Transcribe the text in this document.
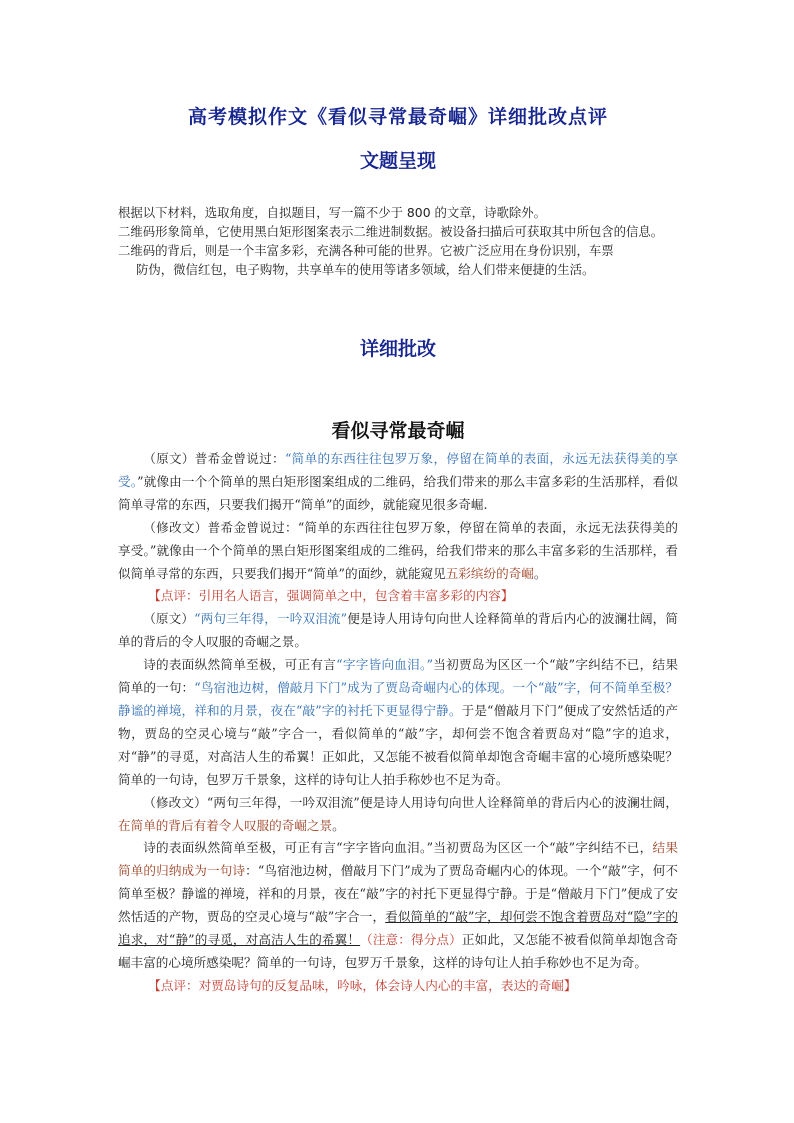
高考模拟作文《看似寻常最奇崛》详细批改点评
文题呈现

根据以下材料，选取角度，自拟题目，写一篇不少于 800 的文章，诗歌除外。

二维码形象简单，它使用黑白矩形图案表示二维进制数据。被设备扫描后可获取其中所包含的信息。

二维码的背后，则是一个丰富多彩，充满各种可能的世界。它被广泛应用在身份识别，车票

防伪，微信红包，电子购物，共享单车的使用等诸多领域，给人们带来便捷的生活。

详细批改
看似寻常最奇崛

（原文）普希金曾说过：“简单的东西往往包罗万象，停留在简单的表面，永远无法获得美的享受。”就像由一个个简单的黑白矩形图案组成的二维码，给我们带来的那么丰富多彩的生活那样，看似简单寻常的东西，只要我们揭开“简单”的面纱，就能窥见很多奇崛.

（修改文）普希金曾说过：“简单的东西往往包罗万象，停留在简单的表面，永远无法获得美的享受。”就像由一个个简单的黑白矩形图案组成的二维码，给我们带来的那么丰富多彩的生活那样，看似简单寻常的东西，只要我们揭开“简单”的面纱，就能窥见五彩缤纷的奇崛。

【点评：引用名人语言，强调简单之中，包含着丰富多彩的内容】

（原文）“两句三年得，一吟双泪流”便是诗人用诗句向世人诠释简单的背后内心的波澜壮阔，简单的背后的令人叹服的奇崛之景。

诗的表面纵然简单至极，可正有言“字字皆向血泪。”当初贾岛为区区一个“敲”字纠结不已，结果简单的一句：“鸟宿池边树，僧敲月下门”成为了贾岛奇崛内心的体现。一个“敲”字，何不简单至极？静谧的禅境，祥和的月景，夜在“敲”字的衬托下更显得宁静。于是“僧敲月下门”便成了安然恬适的产物，贾岛的空灵心境与“敲”字合一，看似简单的“敲”字，却何尝不饱含着贾岛对“隐”字的追求，对“静”的寻觅，对高洁人生的希翼！正如此，又怎能不被看似简单却饱含奇崛丰富的心境所感染呢？简单的一句诗，包罗万千景象，这样的诗句让人拍手称妙也不足为奇。

（修改文）“两句三年得，一吟双泪流”便是诗人用诗句向世人诠释简单的背后内心的波澜壮阔，在简单的背后有着令人叹服的奇崛之景。

诗的表面纵然简单至极，可正有言“字字皆向血泪。”当初贾岛为区区一个“敲”字纠结不已，结果简单的归纳成为一句诗：“鸟宿池边树，僧敲月下门”成为了贾岛奇崛内心的体现。一个“敲”字，何不简单至极？静谧的禅境，祥和的月景，夜在“敲”字的衬托下更显得宁静。于是“僧敲月下门”便成了安然恬适的产物，贾岛的空灵心境与“敲”字合一，看似简单的“敲”字，却何尝不饱含着贾岛对“隐”字的追求，对“静”的寻觅，对高洁人生的希翼！（注意：得分点）正如此，又怎能不被看似简单却饱含奇崛丰富的心境所感染呢？简单的一句诗，包罗万千景象，这样的诗句让人拍手称妙也不足为奇。

【点评：对贾岛诗句的反复品味，吟咏，体会诗人内心的丰富，表达的奇崛】
